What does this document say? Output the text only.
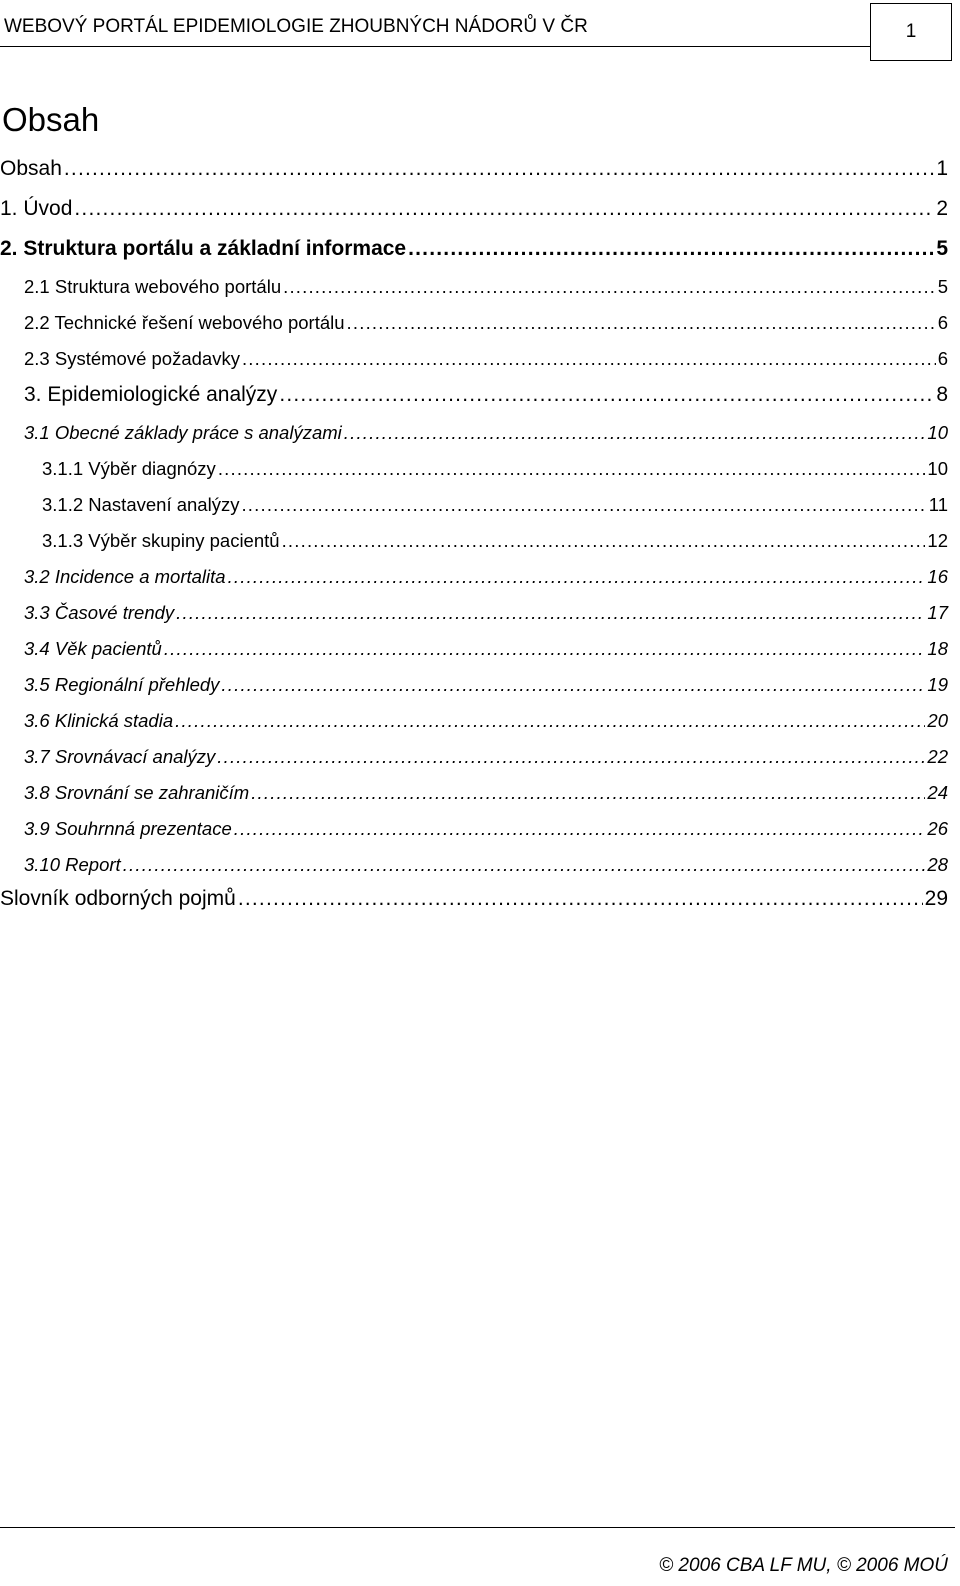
WEBOVÝ PORTÁL EPIDEMIOLOGIE ZHOUBNÝCH NÁDORŮ V ČR	1
Obsah
Obsah .....	1
1. Úvod .....	2
2. Struktura portálu a základní informace .....	5
2.1 Struktura webového portálu .....	5
2.2 Technické řešení webového portálu .....	6
2.3 Systémové požadavky .....	6
3. Epidemiologické analýzy .....	8
3.1 Obecné základy práce s analýzami .....	10
3.1.1 Výběr diagnózy .....	10
3.1.2 Nastavení analýzy .....	11
3.1.3 Výběr skupiny pacientů .....	12
3.2 Incidence a mortalita .....	16
3.3 Časové trendy .....	17
3.4 Věk pacientů .....	18
3.5 Regionální přehledy .....	19
3.6 Klinická stadia .....	20
3.7 Srovnávací analýzy .....	22
3.8 Srovnání se zahraničím .....	24
3.9 Souhrnná prezentace .....	26
3.10 Report .....	28
Slovník odborných pojmů .....	29
© 2006 CBA LF MU, © 2006 MOÚ
